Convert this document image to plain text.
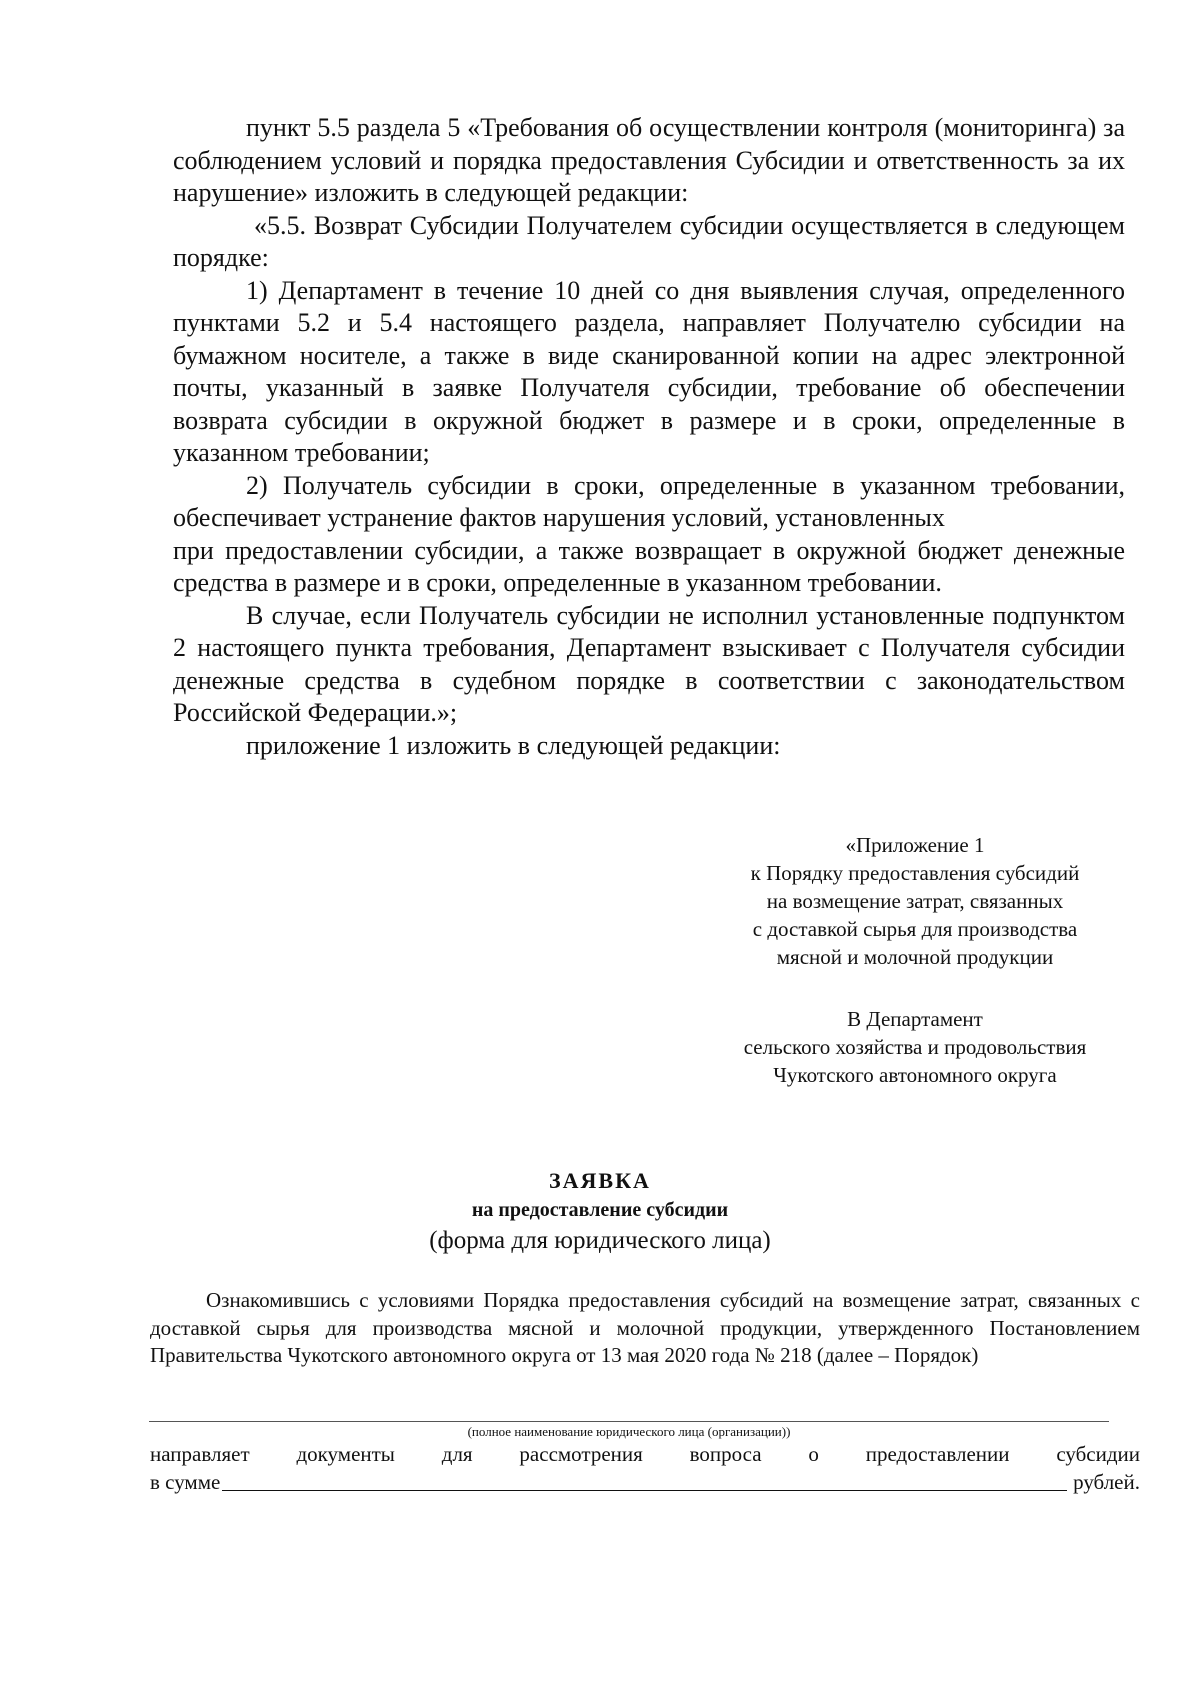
пункт 5.5 раздела 5 «Требования об осуществлении контроля (мониторинга) за соблюдением условий и порядка предоставления Субсидии и ответственность за их нарушение» изложить в следующей редакции:

«5.5. Возврат Субсидии Получателем субсидии осуществляется в следующем порядке:

1) Департамент в течение 10 дней со дня выявления случая, определенного пунктами 5.2 и 5.4 настоящего раздела, направляет Получателю субсидии на бумажном носителе, а также в виде сканированной копии на адрес электронной почты, указанный в заявке Получателя субсидии, требование об обеспечении возврата субсидии в окружной бюджет в размере и в сроки, определенные в указанном требовании;

2) Получатель субсидии в сроки, определенные в указанном требовании, обеспечивает устранение фактов нарушения условий, установленных

при предоставлении субсидии, а также возвращает в окружной бюджет денежные средства в размере и в сроки, определенные в указанном требовании.

В случае, если Получатель субсидии не исполнил установленные подпунктом 2 настоящего пункта требования, Департамент взыскивает с Получателя субсидии денежные средства в судебном порядке в соответствии с законодательством Российской Федерации.»;

приложение 1 изложить в следующей редакции:

«Приложение 1
к Порядку предоставления субсидий
на возмещение затрат, связанных
с доставкой сырья для производства
мясной и молочной продукции
В Департамент
сельского хозяйства и продовольствия
Чукотского автономного округа
ЗАЯВКА
на предоставление субсидии
(форма для юридического лица)

Ознакомившись с условиями Порядка предоставления субсидий на возмещение затрат, связанных с доставкой сырья для производства мясной и молочной продукции, утвержденного Постановлением Правительства Чукотского автономного округа от 13 мая 2020 года № 218 (далее – Порядок)

(полное наименование юридического лица (организации))
направляет документы для рассмотрения вопроса о предоставлении субсидии
в сумме	рублей.
